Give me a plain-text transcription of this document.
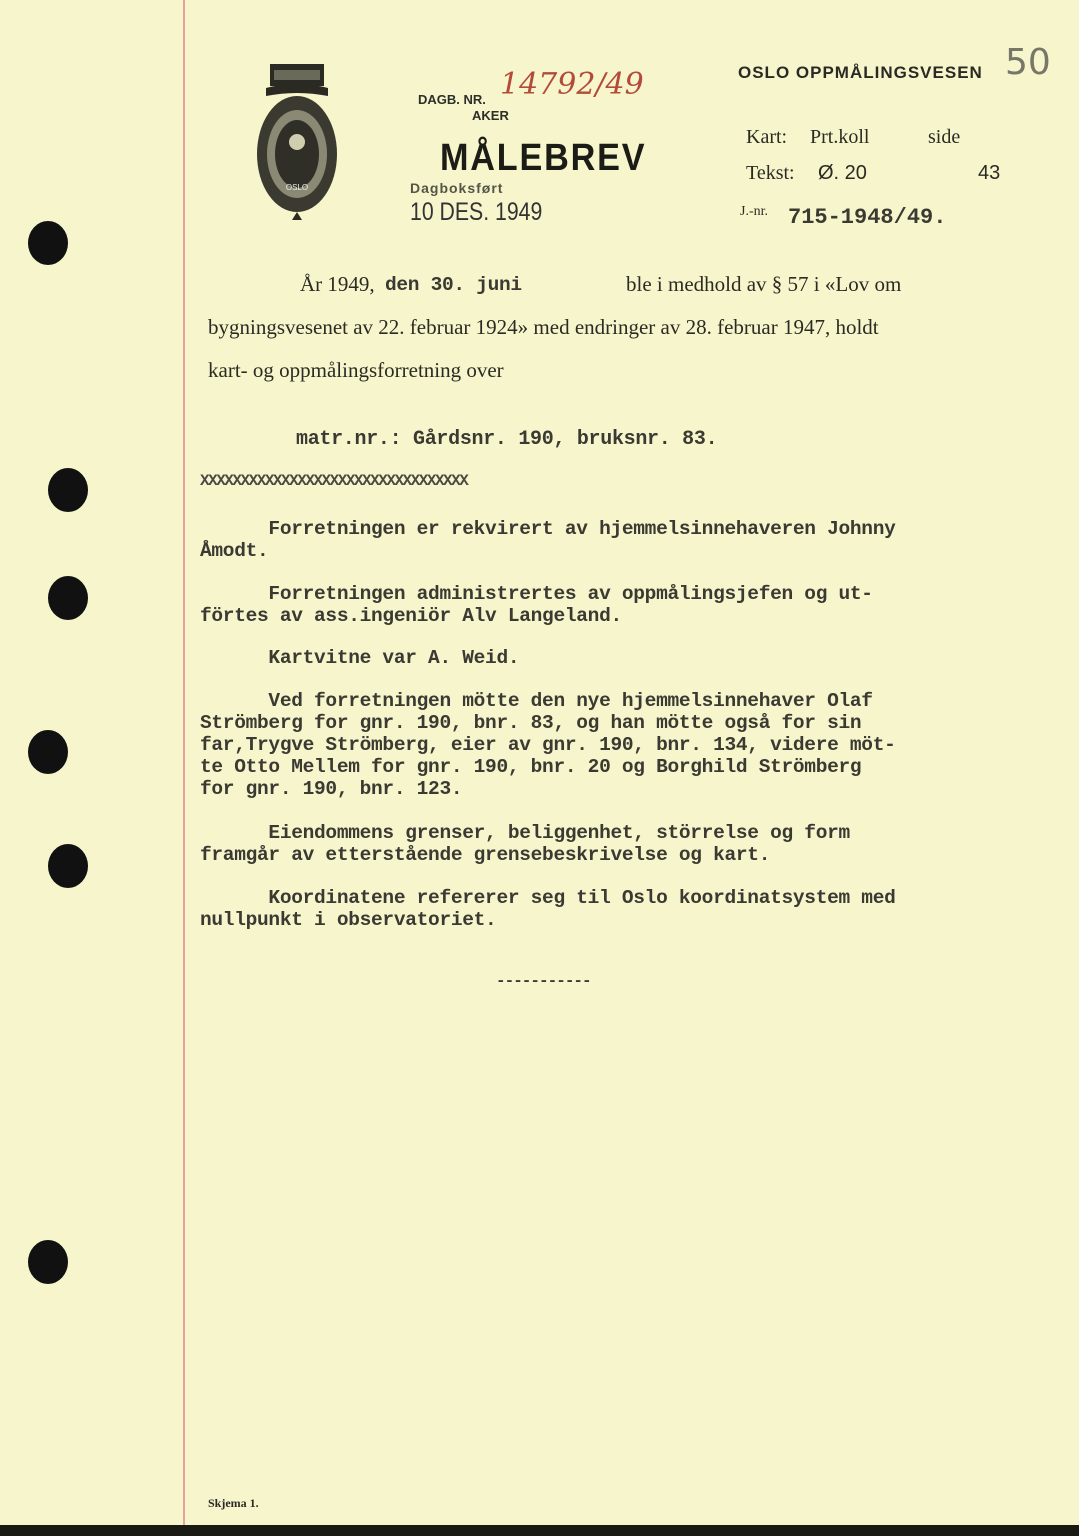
OSLO
DAGB. NR. 14792/49
AKER
OSLO OPPMÅLINGSVESEN 50
MÅLEBREV
Dagboksført
10 DES. 1949
Kart: Prt.koll	side
Tekst: Ø. 20	43
J.-nr. 715-1948/49.
År 1949, den 30. juni	ble i medhold av § 57 i «Lov om
bygningsvesenet av 22. februar 1924» med endringer av 28. februar 1947, holdt
kart- og oppmålingsforretning over
matr.nr.: Gårdsnr. 190, bruksnr. 83.
XXXXXXXXXXXXXXXXXXXXXXXXXXXXXXXXX
Forretningen er rekvirert av hjemmelsinnehaveren Johnny
Åmodt.
Forretningen administrertes av oppmålingsjefen og ut-
förtes av ass.ingeniör Alv Langeland.
Kartvitne var A. Weid.
Ved forretningen mötte den nye hjemmelsinnehaver Olaf
Strömberg for gnr. 190, bnr. 83, og han mötte også for sin
far,Trygve Strömberg, eier av gnr. 190, bnr. 134, videre möt-
te Otto Mellem for gnr. 190, bnr. 20 og Borghild Strömberg
for gnr. 190, bnr. 123.
Eiendommens grenser, beliggenhet, störrelse og form
framgår av etterstående grensebeskrivelse og kart.
Koordinatene refererer seg til Oslo koordinatsystem med
nullpunkt i observatoriet.
-----------
Skjema 1.
